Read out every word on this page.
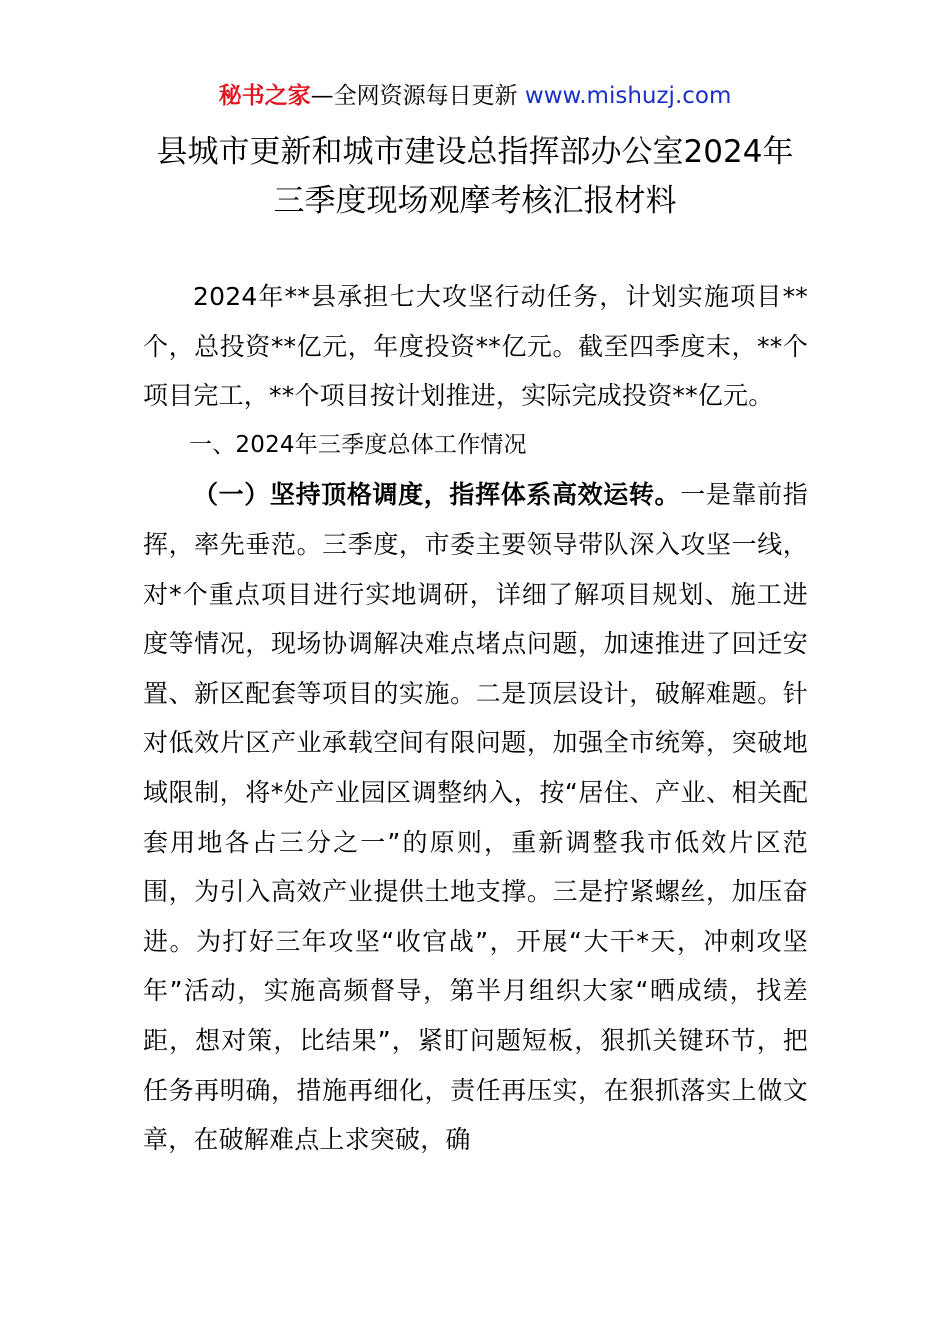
秘书之家—全网资源每日更新 www.mishuzj.com
县城市更新和城市建设总指挥部办公室2024年
三季度现场观摩考核汇报材料

2024年**县承担七大攻坚行动任务，计划实施项目**个，总投资**亿元，年度投资**亿元。截至四季度末，**个项目完工，**个项目按计划推进，实际完成投资**亿元。

一、2024年三季度总体工作情况

（一）坚持顶格调度，指挥体系高效运转。一是靠前指挥，率先垂范。三季度，市委主要领导带队深入攻坚一线，对*个重点项目进行实地调研，详细了解项目规划、施工进度等情况，现场协调解决难点堵点问题，加速推进了回迁安置、新区配套等项目的实施。二是顶层设计，破解难题。针对低效片区产业承载空间有限问题，加强全市统筹，突破地域限制，将*处产业园区调整纳入，按“居住、产业、相关配套用地各占三分之一”的原则，重新调整我市低效片区范围，为引入高效产业提供土地支撑。三是拧紧螺丝，加压奋进。为打好三年攻坚“收官战”，开展“大干*天，冲刺攻坚年”活动，实施高频督导，第半月组织大家“晒成绩，找差距，想对策，比结果”，紧盯问题短板，狠抓关键环节，把任务再明确，措施再细化，责任再压实，在狠抓落实上做文章，在破解难点上求突破，确
